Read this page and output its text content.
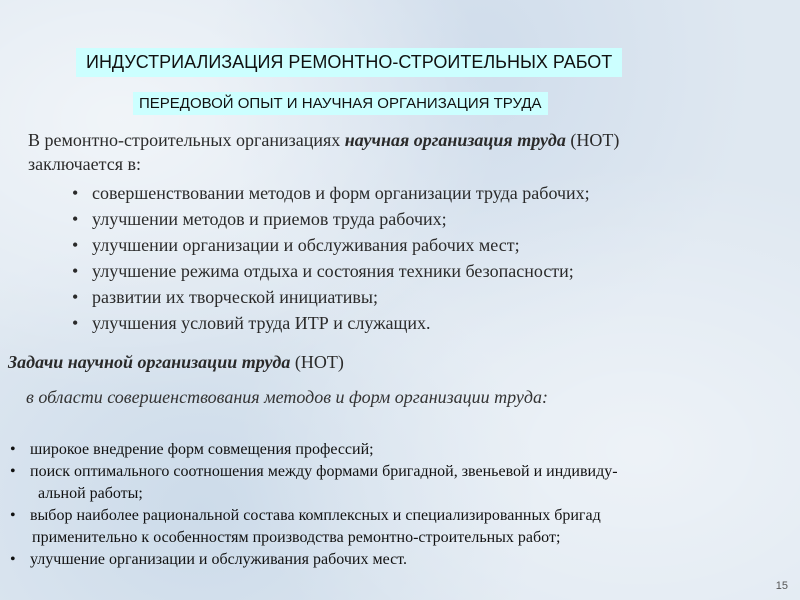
ИНДУСТРИАЛИЗАЦИЯ РЕМОНТНО-СТРОИТЕЛЬНЫХ РАБОТ
ПЕРЕДОВОЙ ОПЫТ И НАУЧНАЯ ОРГАНИЗАЦИЯ ТРУДА
В ремонтно-строительных организациях научная организация труда (НОТ)
заключается в:
• совершенствовании методов и форм организации труда рабочих;
• улучшении методов и приемов труда рабочих;
• улучшении организации и обслуживания рабочих мест;
• улучшение режима отдыха и состояния техники безопасности;
• развитии их творческой инициативы;
• улучшения условий труда ИТР и служащих.
Задачи научной организации труда (НОТ)
в области совершенствования методов и форм организации труда:
• широкое внедрение форм совмещения профессий;
• поиск оптимального соотношения между формами бригадной, звеньевой и индивиду-
альной работы;
• выбор наиболее рациональной состава комплексных и специализированных бригад
применительно к особенностям производства ремонтно-строительных работ;
• улучшение организации и обслуживания рабочих мест.
15
